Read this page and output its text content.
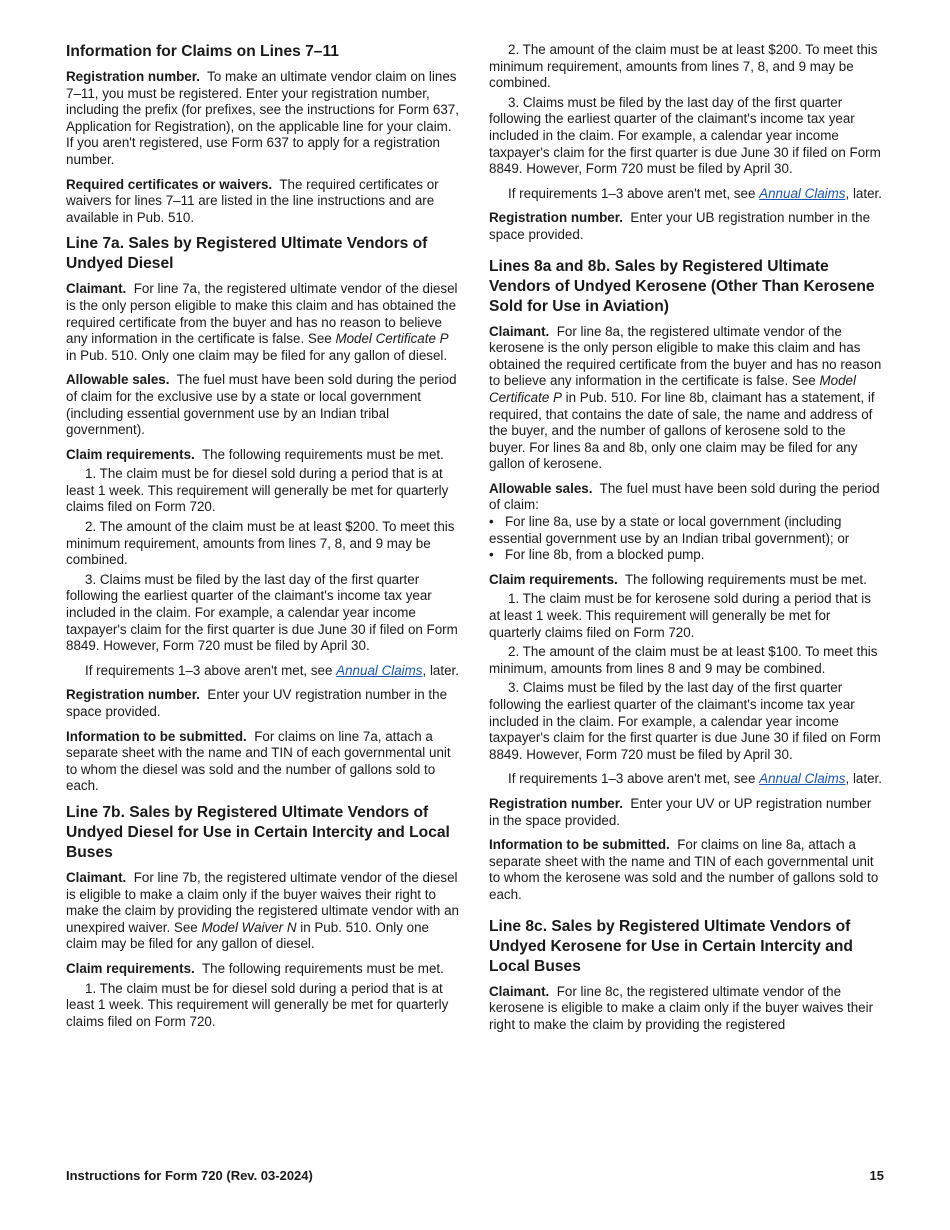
Information for Claims on Lines 7–11

Registration number. To make an ultimate vendor claim on lines 7–11, you must be registered. Enter your registration number, including the prefix (for prefixes, see the instructions for Form 637, Application for Registration), on the applicable line for your claim. If you aren't registered, use Form 637 to apply for a registration number.

Required certificates or waivers. The required certificates or waivers for lines 7–11 are listed in the line instructions and are available in Pub. 510.

Line 7a. Sales by Registered Ultimate Vendors of Undyed Diesel

Claimant. For line 7a, the registered ultimate vendor of the diesel is the only person eligible to make this claim and has obtained the required certificate from the buyer and has no reason to believe any information in the certificate is false. See Model Certificate P in Pub. 510. Only one claim may be filed for any gallon of diesel.

Allowable sales. The fuel must have been sold during the period of claim for the exclusive use by a state or local government (including essential government use by an Indian tribal government).

Claim requirements. The following requirements must be met.

1. The claim must be for diesel sold during a period that is at least 1 week. This requirement will generally be met for quarterly claims filed on Form 720.

2. The amount of the claim must be at least $200. To meet this minimum requirement, amounts from lines 7, 8, and 9 may be combined.

3. Claims must be filed by the last day of the first quarter following the earliest quarter of the claimant's income tax year included in the claim. For example, a calendar year income taxpayer's claim for the first quarter is due June 30 if filed on Form 8849. However, Form 720 must be filed by April 30.

If requirements 1–3 above aren't met, see Annual Claims, later.

Registration number. Enter your UV registration number in the space provided.

Information to be submitted. For claims on line 7a, attach a separate sheet with the name and TIN of each governmental unit to whom the diesel was sold and the number of gallons sold to each.

Line 7b. Sales by Registered Ultimate Vendors of Undyed Diesel for Use in Certain Intercity and Local Buses

Claimant. For line 7b, the registered ultimate vendor of the diesel is eligible to make a claim only if the buyer waives their right to make the claim by providing the registered ultimate vendor with an unexpired waiver. See Model Waiver N in Pub. 510. Only one claim may be filed for any gallon of diesel.

Claim requirements. The following requirements must be met.

1. The claim must be for diesel sold during a period that is at least 1 week. This requirement will generally be met for quarterly claims filed on Form 720.

2. The amount of the claim must be at least $200. To meet this minimum requirement, amounts from lines 7, 8, and 9 may be combined.

3. Claims must be filed by the last day of the first quarter following the earliest quarter of the claimant's income tax year included in the claim. For example, a calendar year income taxpayer's claim for the first quarter is due June 30 if filed on Form 8849. However, Form 720 must be filed by April 30.

If requirements 1–3 above aren't met, see Annual Claims, later.

Registration number. Enter your UB registration number in the space provided.

Lines 8a and 8b. Sales by Registered Ultimate Vendors of Undyed Kerosene (Other Than Kerosene Sold for Use in Aviation)

Claimant. For line 8a, the registered ultimate vendor of the kerosene is the only person eligible to make this claim and has obtained the required certificate from the buyer and has no reason to believe any information in the certificate is false. See Model Certificate P in Pub. 510. For line 8b, claimant has a statement, if required, that contains the date of sale, the name and address of the buyer, and the number of gallons of kerosene sold to the buyer. For lines 8a and 8b, only one claim may be filed for any gallon of kerosene.

Allowable sales. The fuel must have been sold during the period of claim:

• For line 8a, use by a state or local government (including essential government use by an Indian tribal government); or

• For line 8b, from a blocked pump.

Claim requirements. The following requirements must be met.

1. The claim must be for kerosene sold during a period that is at least 1 week. This requirement will generally be met for quarterly claims filed on Form 720.

2. The amount of the claim must be at least $100. To meet this minimum, amounts from lines 8 and 9 may be combined.

3. Claims must be filed by the last day of the first quarter following the earliest quarter of the claimant's income tax year included in the claim. For example, a calendar year income taxpayer's claim for the first quarter is due June 30 if filed on Form 8849. However, Form 720 must be filed by April 30.

If requirements 1–3 above aren't met, see Annual Claims, later.

Registration number. Enter your UV or UP registration number in the space provided.

Information to be submitted. For claims on line 8a, attach a separate sheet with the name and TIN of each governmental unit to whom the kerosene was sold and the number of gallons sold to each.

Line 8c. Sales by Registered Ultimate Vendors of Undyed Kerosene for Use in Certain Intercity and Local Buses

Claimant. For line 8c, the registered ultimate vendor of the kerosene is eligible to make a claim only if the buyer waives their right to make the claim by providing the registered

Instructions for Form 720 (Rev. 03-2024)	15
